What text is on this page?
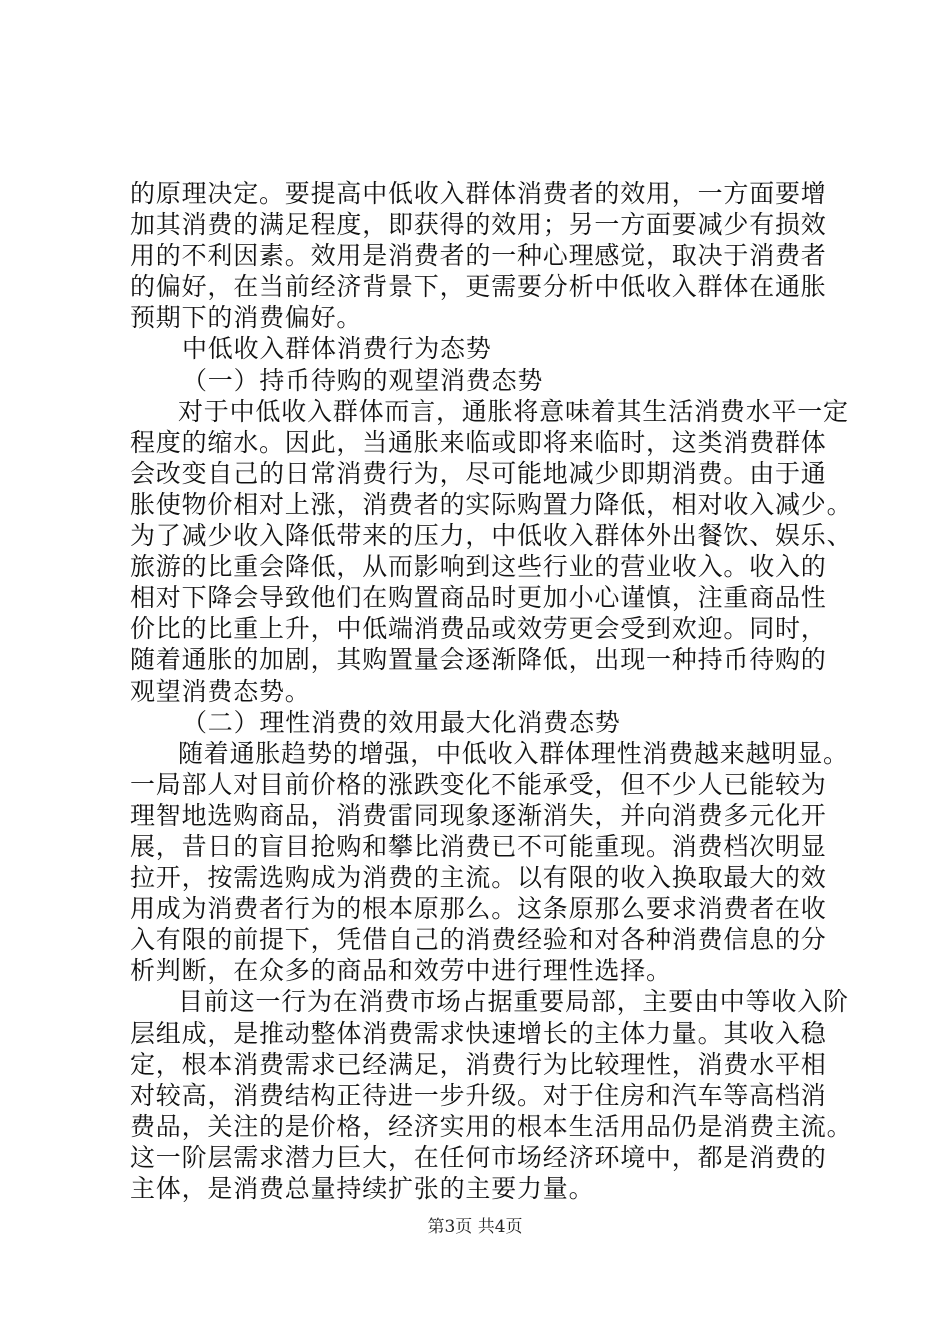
的原理决定。要提高中低收入群体消费者的效用，一方面要增
加其消费的满足程度，即获得的效用；另一方面要减少有损效
用的不利因素。效用是消费者的一种心理感觉，取决于消费者
的偏好，在当前经济背景下，更需要分析中低收入群体在通胀
预期下的消费偏好。
中低收入群体消费行为态势
（一）持币待购的观望消费态势
对于中低收入群体而言，通胀将意味着其生活消费水平一定
程度的缩水。因此，当通胀来临或即将来临时，这类消费群体
会改变自己的日常消费行为，尽可能地减少即期消费。由于通
胀使物价相对上涨，消费者的实际购置力降低，相对收入减少。
为了减少收入降低带来的压力，中低收入群体外出餐饮、娱乐、
旅游的比重会降低，从而影响到这些行业的营业收入。收入的
相对下降会导致他们在购置商品时更加小心谨慎，注重商品性
价比的比重上升，中低端消费品或效劳更会受到欢迎。同时，
随着通胀的加剧，其购置量会逐渐降低，出现一种持币待购的
观望消费态势。
（二）理性消费的效用最大化消费态势
随着通胀趋势的增强，中低收入群体理性消费越来越明显。
一局部人对目前价格的涨跌变化不能承受，但不少人已能较为
理智地选购商品，消费雷同现象逐渐消失，并向消费多元化开
展，昔日的盲目抢购和攀比消费已不可能重现。消费档次明显
拉开，按需选购成为消费的主流。以有限的收入换取最大的效
用成为消费者行为的根本原那么。这条原那么要求消费者在收
入有限的前提下，凭借自己的消费经验和对各种消费信息的分
析判断，在众多的商品和效劳中进行理性选择。
目前这一行为在消费市场占据重要局部，主要由中等收入阶
层组成，是推动整体消费需求快速增长的主体力量。其收入稳
定，根本消费需求已经满足，消费行为比较理性，消费水平相
对较高，消费结构正待进一步升级。对于住房和汽车等高档消
费品，关注的是价格，经济实用的根本生活用品仍是消费主流。
这一阶层需求潜力巨大，在任何市场经济环境中，都是消费的
主体，是消费总量持续扩张的主要力量。
第3页 共4页
